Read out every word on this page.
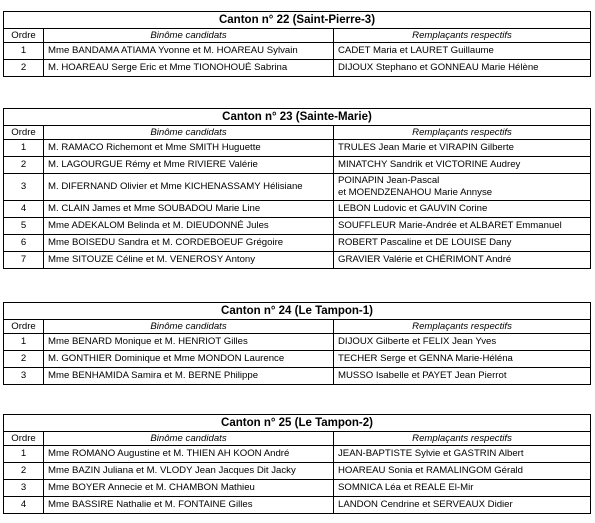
Canton n° 22 (Saint-Pierre-3)		
Ordre	Binôme candidats	Remplaçants respectifs
1	Mme BANDAMA ATIAMA Yvonne et M. HOAREAU Sylvain	CADET Maria et LAURET Guillaume

2	M. HOAREAU Serge Eric et Mme TIONOHOUÉ Sabrina	DIJOUX Stephano et GONNEAU Marie Hélène
Canton n° 23 (Sainte-Marie)		
Ordre	Binôme candidats	Remplaçants respectifs
1	M. RAMACO Richemont et Mme SMITH Huguette	TRULES Jean Marie et VIRAPIN Gilberte

2	M. LAGOURGUE Rémy et Mme RIVIERE Valérie	MINATCHY Sandrik et VICTORINE Audrey

3	M. DIFERNAND Olivier et Mme KICHENASSAMY Hélisiane	POINAPIN Jean-Pascal
et MOENDZENAHOU Marie Annyse

4	M. CLAIN James et Mme SOUBADOU Marie Line	LEBON Ludovic et GAUVIN Corine

5	Mme ADEKALOM Belinda et M. DIEUDONNÉ Jules	SOUFFLEUR Marie-Andrée et ALBARET Emmanuel

6	Mme BOISEDU Sandra et M. CORDEBOEUF Grégoire	ROBERT Pascaline et DE LOUISE Dany

7	Mme SITOUZE Céline et M. VENEROSY Antony	GRAVIER Valérie et CHÉRIMONT André
Canton n° 24 (Le Tampon-1)		
Ordre	Binôme candidats	Remplaçants respectifs
1	Mme BENARD Monique et M. HENRIOT Gilles	DIJOUX Gilberte et FELIX Jean Yves

2	M. GONTHIER Dominique et Mme MONDON Laurence	TECHER Serge et GENNA Marie-Héléna

3	Mme BENHAMIDA Samira et M. BERNE Philippe	MUSSO Isabelle et PAYET Jean Pierrot
Canton n° 25 (Le Tampon-2)		
Ordre	Binôme candidats	Remplaçants respectifs
1	Mme ROMANO Augustine et M. THIEN AH KOON André	JEAN-BAPTISTE Sylvie et GASTRIN Albert

2	Mme BAZIN Juliana et M. VLODY Jean Jacques Dit Jacky	HOAREAU Sonia et RAMALINGOM Gérald

3	Mme BOYER Annecie et M. CHAMBON Mathieu	SOMNICA Léa et REALE El-Mir

4	Mme BASSIRE Nathalie et M. FONTAINE Gilles	LANDON Cendrine et SERVEAUX Didier
